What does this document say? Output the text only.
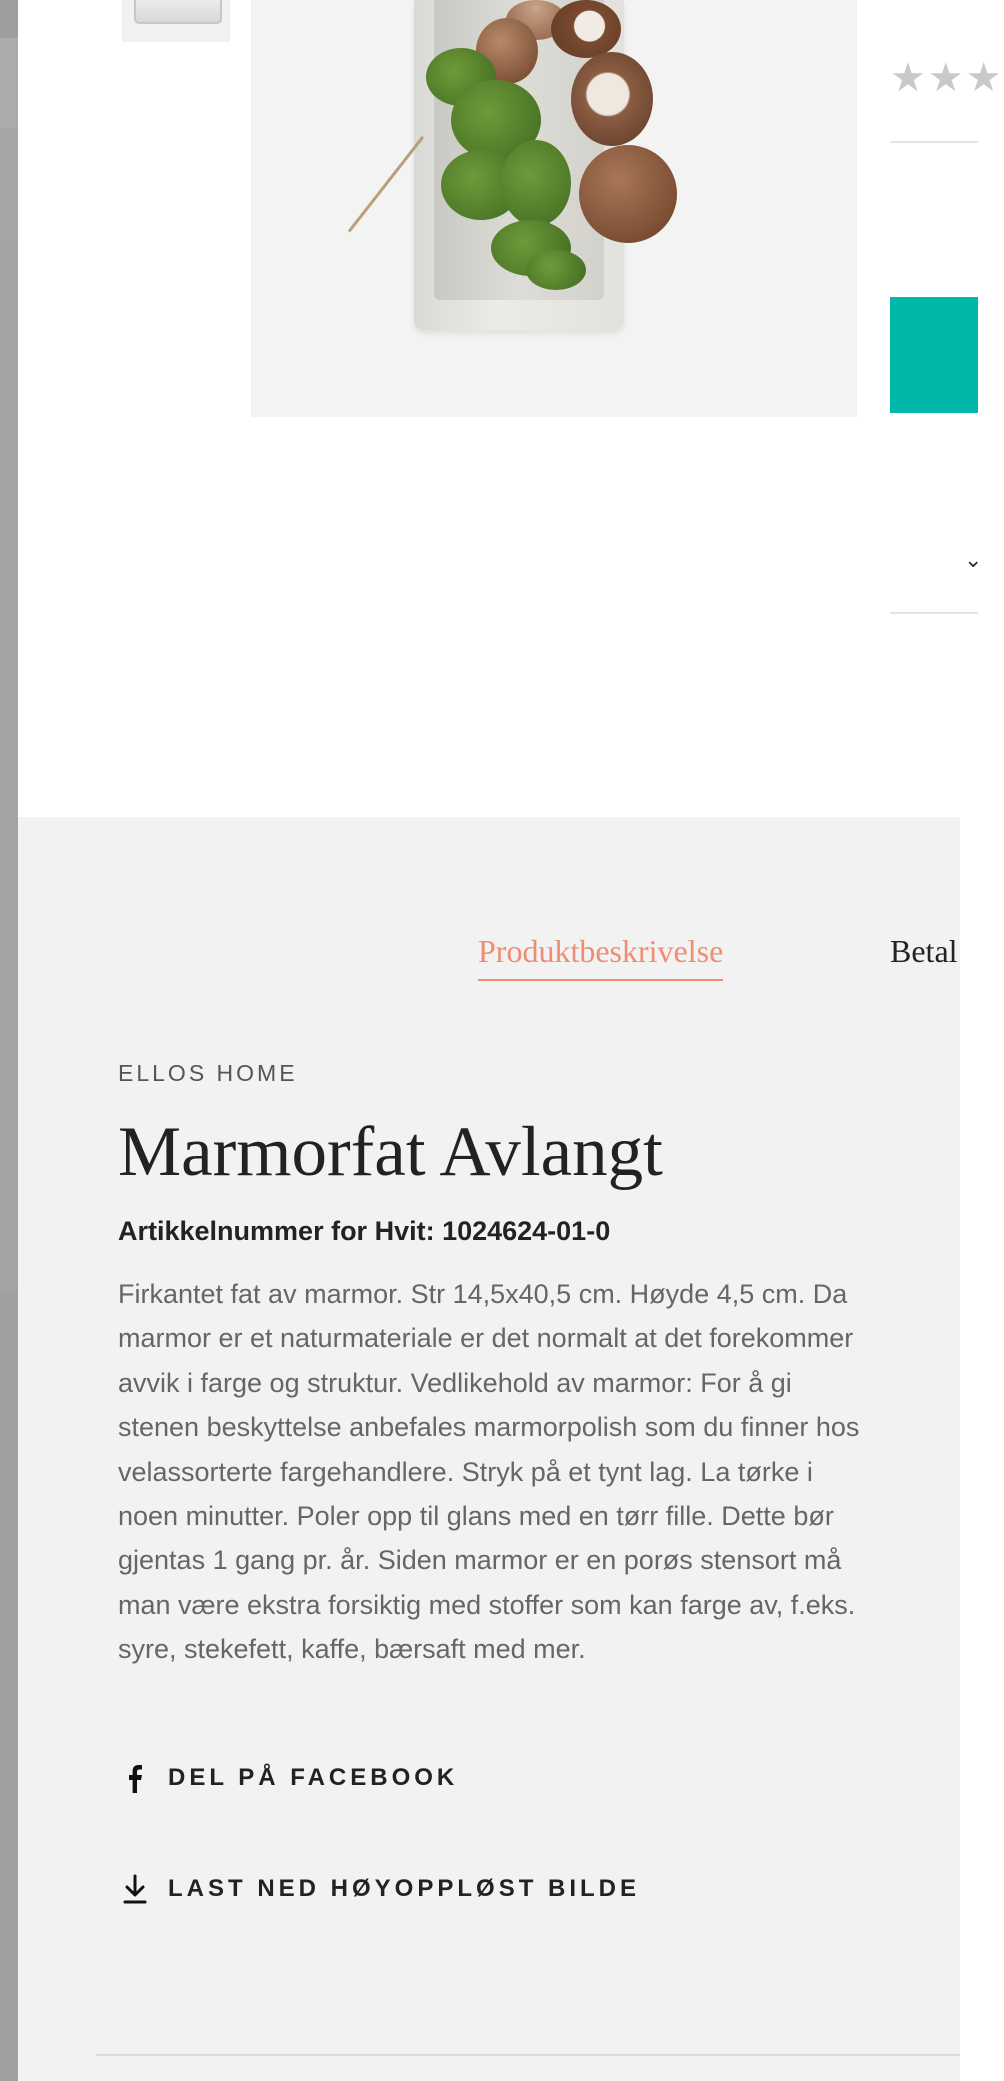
★★★
⌄
Produktbeskrivelse	Betal
ELLOS HOME
Marmorfat Avlangt
Artikkelnummer for Hvit: 1024624-01-0

Firkantet fat av marmor. Str 14,5x40,5 cm. Høyde 4,5 cm. Da marmor er et naturmateriale er det normalt at det forekommer avvik i farge og struktur. Vedlikehold av marmor: For å gi stenen beskyttelse anbefales marmorpolish som du finner hos velassorterte fargehandlere. Stryk på et tynt lag. La tørke i noen minutter. Poler opp til glans med en tørr fille. Dette bør gjentas 1 gang pr. år. Siden marmor er en porøs stensort må man være ekstra forsiktig med stoffer som kan farge av, f.eks. syre, stekefett, kaffe, bærsaft med mer.

DEL PÅ FACEBOOK
LAST NED HØYOPPLØST BILDE
